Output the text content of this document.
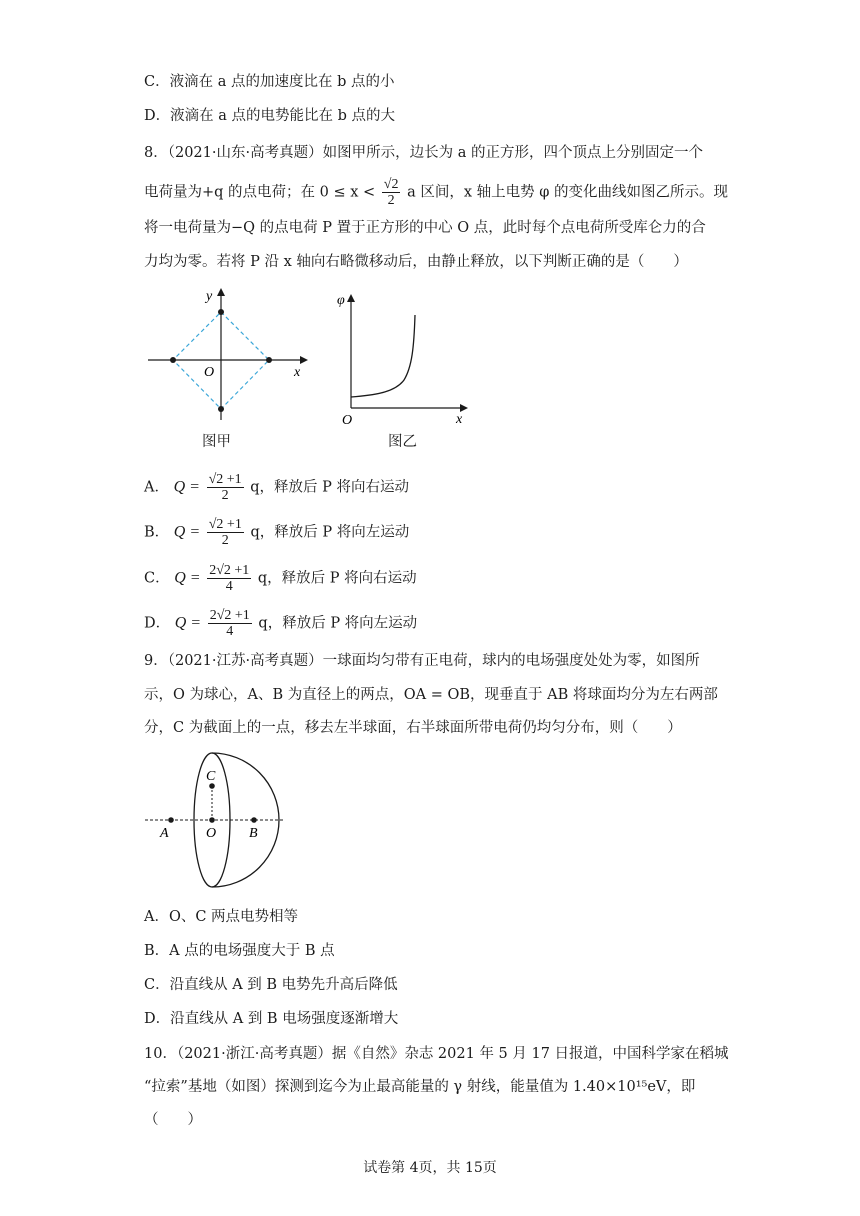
C．液滴在 a 点的加速度比在 b 点的小
D．液滴在 a 点的电势能比在 b 点的大
8．（2021·山东·高考真题）如图甲所示，边长为 a 的正方形，四个顶点上分别固定一个
电荷量为+q 的点电荷；在 $0 \le x < \frac{√2}{2}$ a 区间，x 轴上电势 φ 的变化曲线如图乙所示。现
将一电荷量为−Q 的点电荷 P 置于正方形的中心 O 点，此时每个点电荷所受库仑力的合
力均为零。若将 P 沿 x 轴向右略微移动后，由静止释放，以下判断正确的是（　　）
y
x
O
图甲
φ
x
O
图乙
A． $Q = \frac{√2 +1}{2}$ q，释放后 P 将向右运动
B． $Q = \frac{√2 +1}{2}$ q，释放后 P 将向左运动
C． $Q = \frac{2√2 +1}{4}$ q，释放后 P 将向右运动
D． $Q = \frac{2√2 +1}{4}$ q，释放后 P 将向左运动
9．（2021·江苏·高考真题）一球面均匀带有正电荷，球内的电场强度处处为零，如图所
示，O 为球心，A、B 为直径上的两点，OA = OB，现垂直于 AB 将球面均分为左右两部
分，C 为截面上的一点，移去左半球面，右半球面所带电荷仍均匀分布，则（　　）
A	O B
C
A．O、C 两点电势相等
B．A 点的电场强度大于 B 点
C．沿直线从 A 到 B 电势先升高后降低
D．沿直线从 A 到 B 电场强度逐渐增大
10．（2021·浙江·高考真题）据《自然》杂志 2021 年 5 月 17 日报道，中国科学家在稻城
“拉索”基地（如图）探测到迄今为止最高能量的 γ 射线，能量值为 1.40×10¹⁵eV，即
（　　）
试卷第 4页，共 15页
